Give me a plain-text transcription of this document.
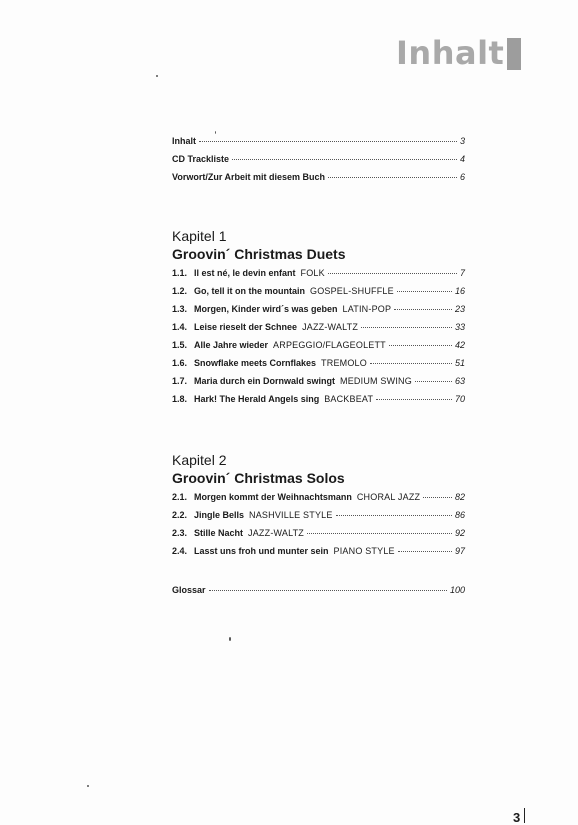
Inhalt
Inhalt	3
CD Trackliste	4
Vorwort/Zur Arbeit mit diesem Buch	6
Kapitel 1
Groovin´ Christmas Duets
1.1. Il est né, le devin enfant FOLK	7
1.2. Go, tell it on the mountain GOSPEL-SHUFFLE	16
1.3. Morgen, Kinder wird´s was geben LATIN-POP	23
1.4. Leise rieselt der Schnee JAZZ-WALTZ	33
1.5. Alle Jahre wieder ARPEGGIO/FLAGEOLETT	42
1.6. Snowflake meets Cornflakes TREMOLO	51
1.7. Maria durch ein Dornwald swingt MEDIUM SWING	63
1.8. Hark! The Herald Angels sing BACKBEAT	70
Kapitel 2
Groovin´ Christmas Solos
2.1. Morgen kommt der Weihnachtsmann CHORAL JAZZ	82
2.2. Jingle Bells NASHVILLE STYLE	86
2.3. Stille Nacht JAZZ-WALTZ	92
2.4. Lasst uns froh und munter sein PIANO STYLE	97
Glossar	100
3
